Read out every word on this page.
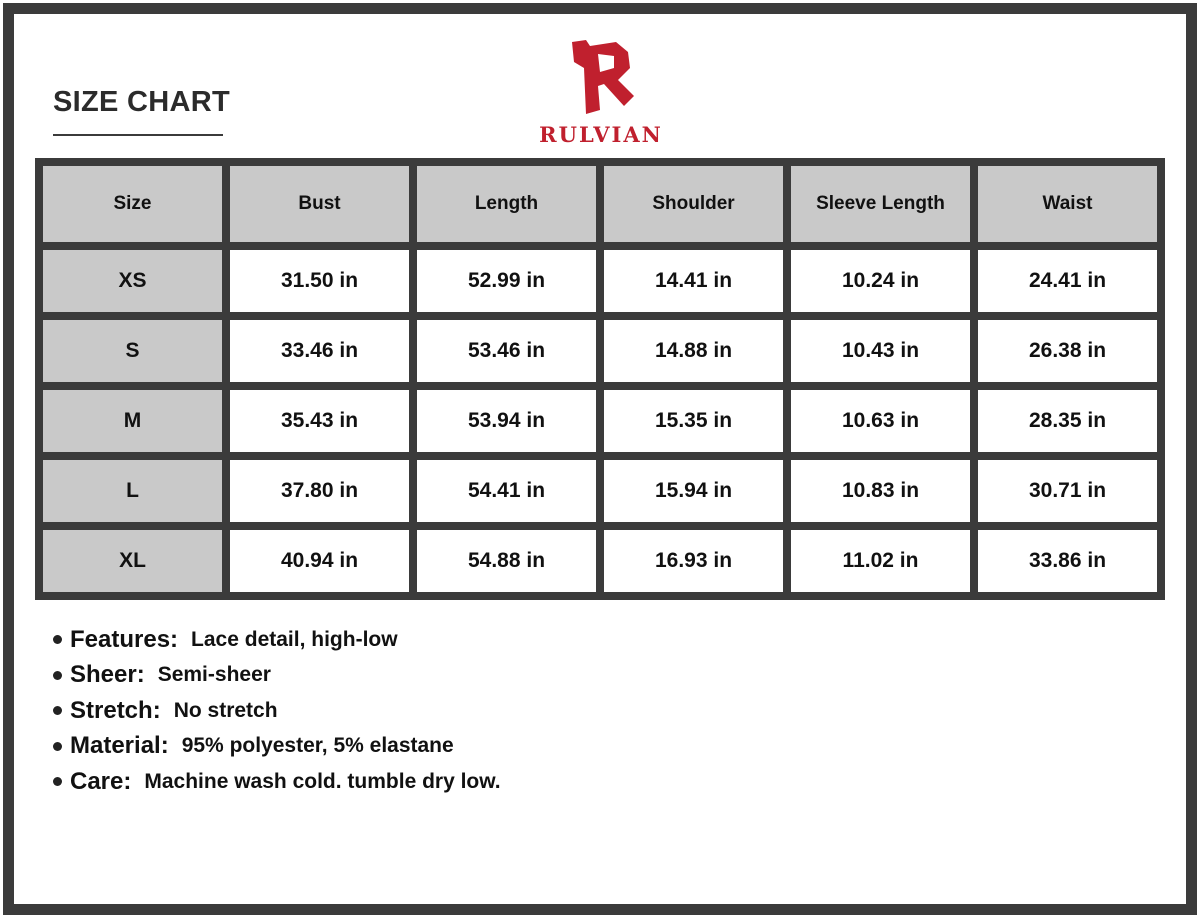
SIZE CHART
RULVIAN
Size	Bust	Length	Shoulder	Sleeve Length	Waist
XS	31.50 in	52.99 in	14.41 in	10.24 in	24.41 in
S	33.46 in	53.46 in	14.88 in	10.43 in	26.38 in
M	35.43 in	53.94 in	15.35 in	10.63 in	28.35 in
L	37.80 in	54.41 in	15.94 in	10.83 in	30.71 in
XL	40.94 in	54.88 in	16.93 in	11.02 in	33.86 in
Features: Lace detail, high-low
Sheer: Semi-sheer
Stretch: No stretch
Material: 95% polyester, 5% elastane
Care: Machine wash cold. tumble dry low.
